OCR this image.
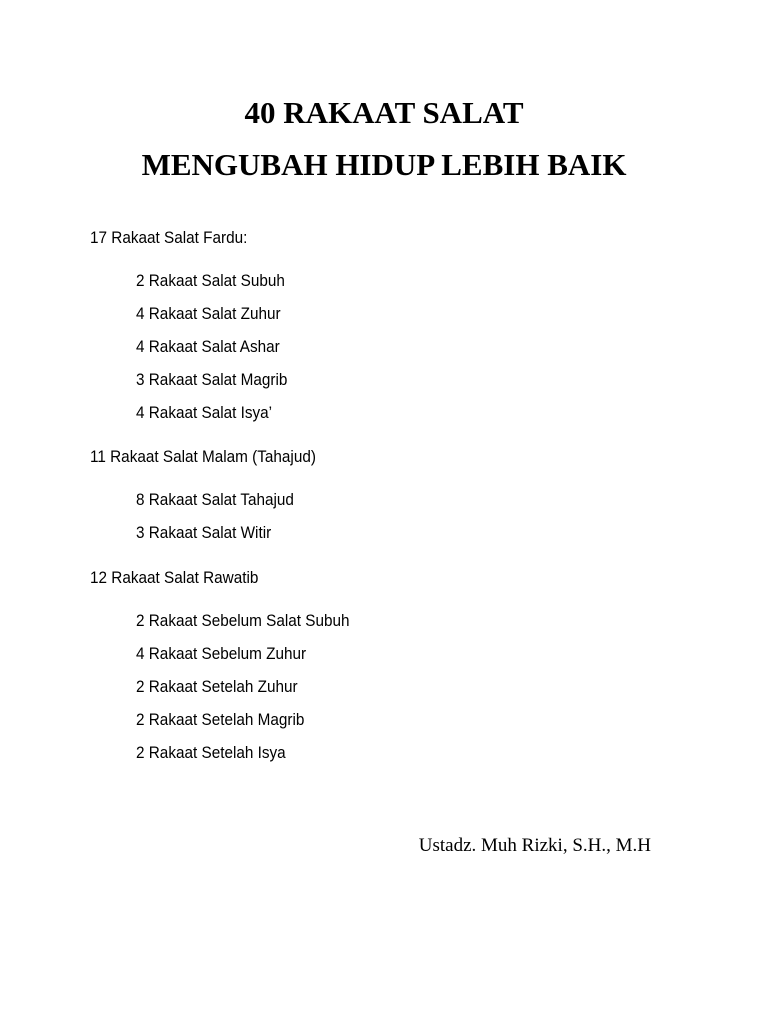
40 RAKAAT SALAT
MENGUBAH HIDUP LEBIH BAIK
17 Rakaat Salat Fardu:
2 Rakaat Salat Subuh
4 Rakaat Salat Zuhur
4 Rakaat Salat Ashar
3 Rakaat Salat Magrib
4 Rakaat Salat Isya’
11 Rakaat Salat Malam (Tahajud)
8 Rakaat Salat Tahajud
3 Rakaat Salat Witir
12 Rakaat Salat Rawatib
2 Rakaat Sebelum Salat Subuh
4 Rakaat Sebelum Zuhur
2 Rakaat Setelah Zuhur
2 Rakaat Setelah Magrib
2 Rakaat Setelah Isya
Ustadz. Muh Rizki, S.H., M.H
